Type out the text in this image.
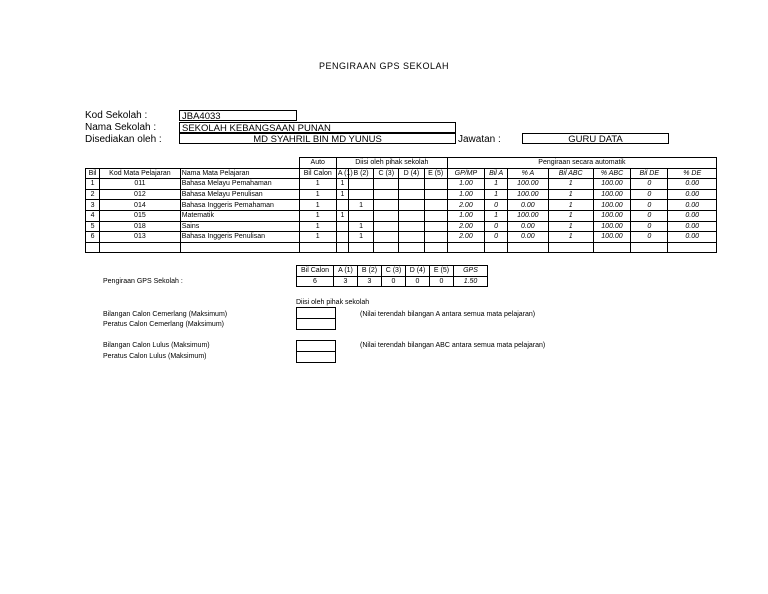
PENGIRAAN GPS SEKOLAH
Kod Sekolah :	JBA4033
Nama Sekolah :	SEKOLAH KEBANGSAAN PUNAN
Disediakan oleh :	MD SYAHRIL BIN MD YUNUS	Jawatan :	GURU DATA
			Auto	Diisi oleh pihak sekolah					Pengiraan secara automatik						
Bil	Kod Mata Pelajaran	Nama Mata Pelajaran	Bil Calon	A (1)	B (2)	C (3)	D (4)	E (5)	GP/MP	Bil A	% A	Bil ABC	% ABC	Bil DE	% DE
1	011	Bahasa Melayu Pemahaman	1	1					1.00	1	100.00	1	100.00	0	0.00
2	012	Bahasa Melayu Penulisan	1	1					1.00	1	100.00	1	100.00	0	0.00
3	014	Bahasa Inggeris Pemahaman	1		1				2.00	0	0.00	1	100.00	0	0.00
4	015	Matematik	1	1					1.00	1	100.00	1	100.00	0	0.00
5	018	Sains	1		1				2.00	0	0.00	1	100.00	0	0.00
6	013	Bahasa Inggeris Penulisan	1		1				2.00	0	0.00	1	100.00	0	0.00

Pengiraan GPS Sekolah :
Bil Calon	A (1)	B (2)	C (3)	D (4)	E (5)	GPS
6	3	3	0	0	0	1.50
Diisi oleh pihak sekolah
Bilangan Calon Cemerlang (Maksimum)
Peratus Calon Cemerlang (Maksimum)
(Nilai terendah bilangan A antara semua mata pelajaran)
Bilangan Calon Lulus (Maksimum)
Peratus Calon Lulus (Maksimum)
(Nilai terendah bilangan ABC antara semua mata pelajaran)
